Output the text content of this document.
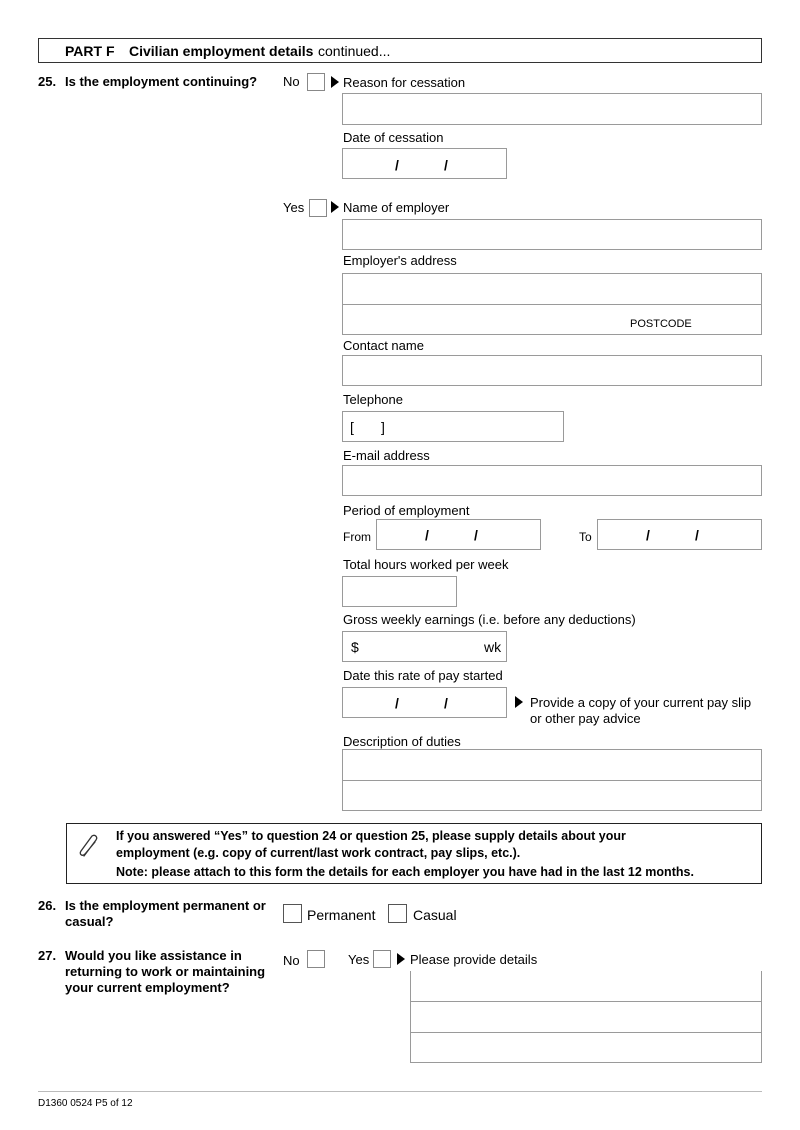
PART F Civilian employment details continued...
25. Is the employment continuing? No	Reason for cessation
Date of cessation
/	/
Yes	Name of employer
Employer's address
POSTCODE
Contact name
Telephone
[ ]
E-mail address
Period of employment
From	/	/	To	/	/
Total hours worked per week
Gross weekly earnings (i.e. before any deductions)
$	wk
Date this rate of pay started
/	/	Provide a copy of your current pay slip
or other pay advice
Description of duties
If you answered “Yes” to question 24 or question 25, please supply details about your
employment (e.g. copy of current/last work contract, pay slips, etc.).
Note: please attach to this form the details for each employer you have had in the last 12 months.
26. Is the employment permanent or
casual?	Permanent	Casual
27. Would you like assistance in
returning to work or maintaining
your current employment?
No	Yes	Please provide details
D1360 0524 P5 of 12
